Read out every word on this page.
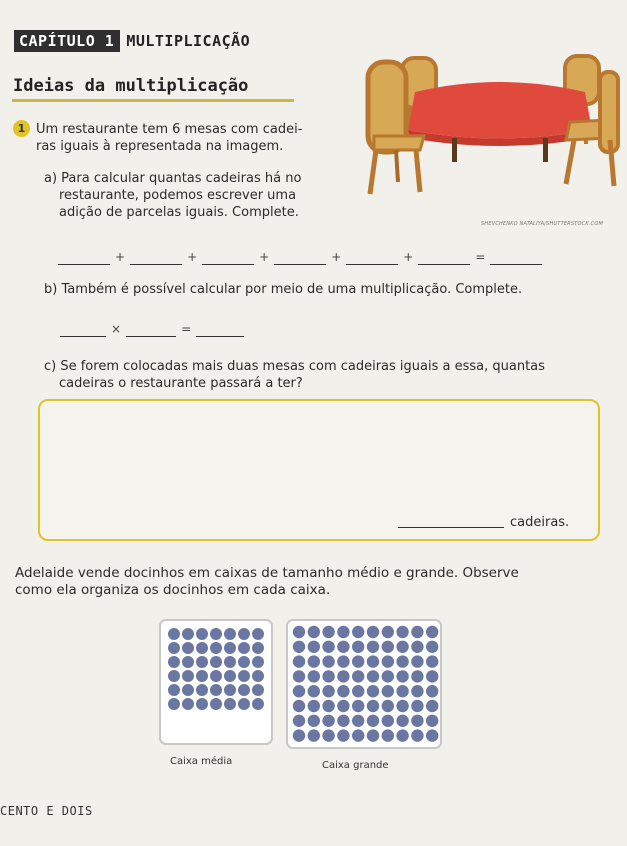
CAPÍTULO 1 MULTIPLICAÇÃO
Ideias da multiplicação
1 Um restaurante tem 6 mesas com cadei-
ras iguais à representada na imagem.
a) Para calcular quantas cadeiras há no
restaurante, podemos escrever uma
adição de parcelas iguais. Complete.
SHEVCHENKO NATALIYA/SHUTTERSTOCK.COM
+	+	+	+	+	=
b) Também é possível calcular por meio de uma multiplicação. Complete.
×	=
c) Se forem colocadas mais duas mesas com cadeiras iguais a essa, quantas
cadeiras o restaurante passará a ter?
cadeiras.
Adelaide vende docinhos em caixas de tamanho médio e grande. Observe
como ela organiza os docinhos em cada caixa.
Caixa média	Caixa grande
CENTO E DOIS
